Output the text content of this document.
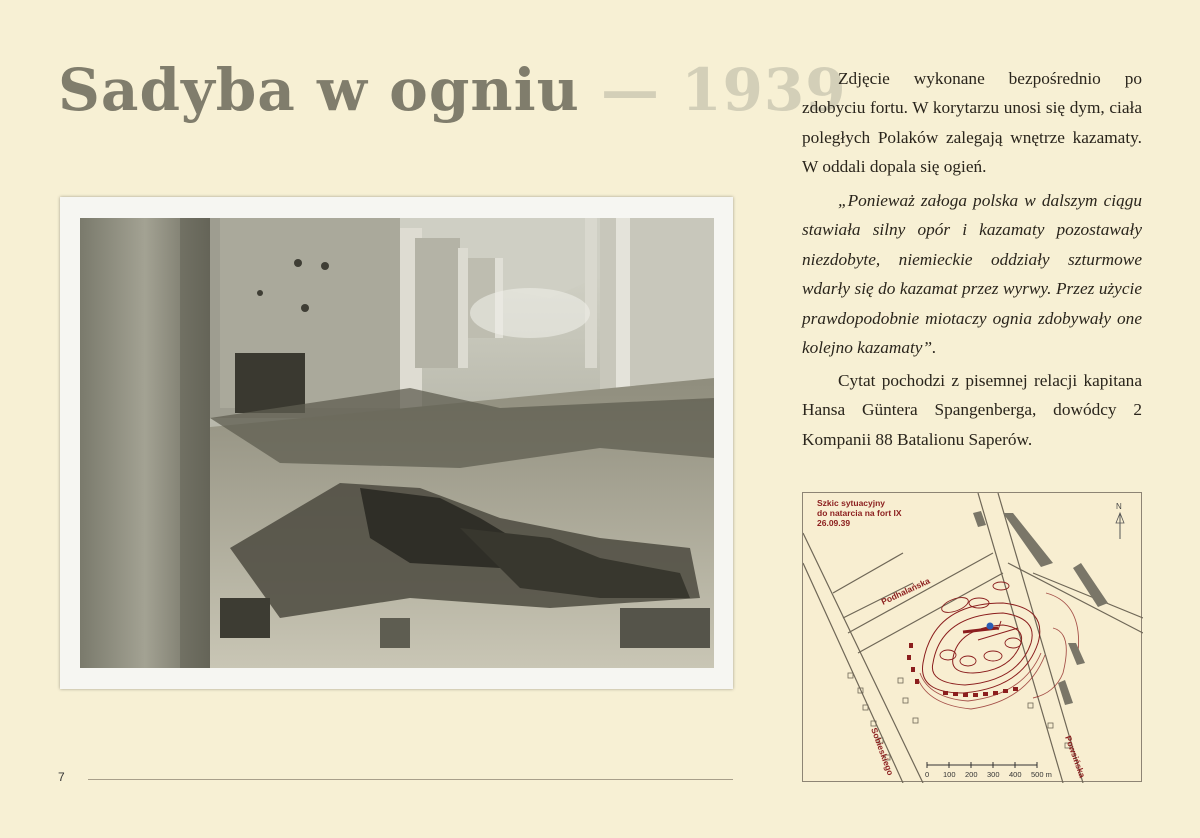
Sadyba w ogniu — 1939

Zdjęcie wykonane bezpośrednio po zdobyciu fortu. W korytarzu unosi się dym, ciała poległych Polaków zalegają wnętrze kazamaty. W oddali dopala się ogień.

„Ponieważ załoga polska w dalszym ciągu stawiała silny opór i kazamaty pozostawały niezdobyte, niemieckie oddziały szturmowe wdarły się do kazamat przez wyrwy. Przez użycie prawdopodobnie miotaczy ognia zdobywały one kolejno kazamaty”.

Cytat pochodzi z pisemnej relacji kapitana Hansa Güntera Spangenberga, dowódcy 2 Kompanii 88 Batalionu Saperów.

Szkic sytuacyjny
do natarcia na fort IX
26.09.39
N
Podhalańska
Sobieskiego	Powsińska
0 100 200 300 400 500 m
7
